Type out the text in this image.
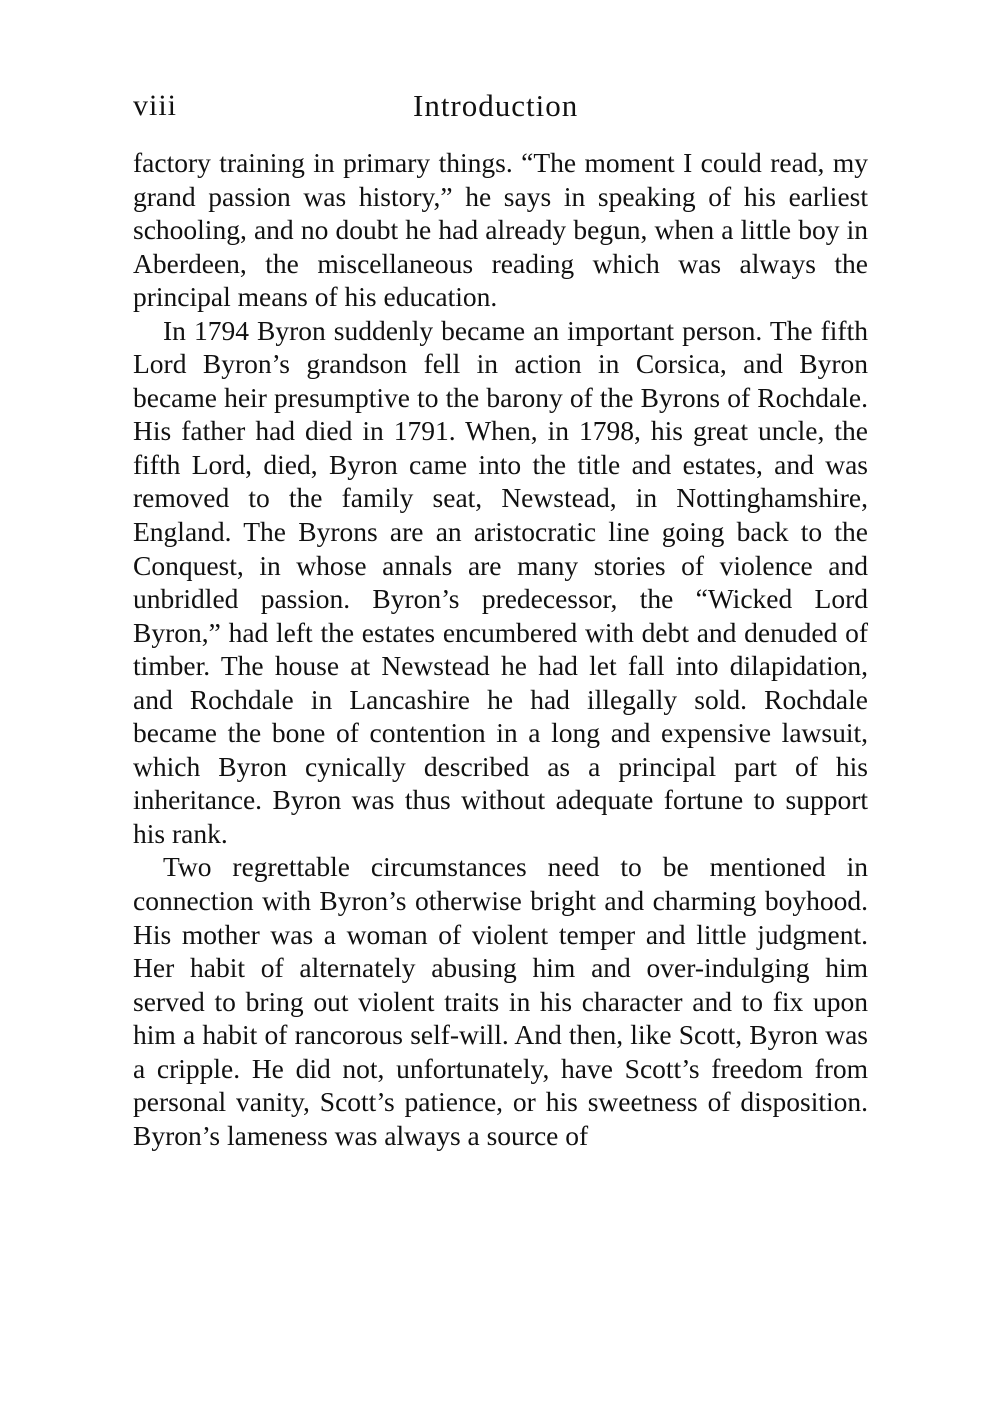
viii	Introduction

factory training in primary things. “The moment I could read, my grand passion was history,” he says in speaking of his earliest schooling, and no doubt he had already begun, when a little boy in Aberdeen, the miscellaneous reading which was always the principal means of his education.

In 1794 Byron suddenly became an important person. The fifth Lord Byron’s grandson fell in action in Corsica, and Byron became heir presumptive to the barony of the Byrons of Rochdale. His father had died in 1791. When, in 1798, his great uncle, the fifth Lord, died, Byron came into the title and estates, and was removed to the family seat, Newstead, in Nottinghamshire, England. The Byrons are an aristocratic line going back to the Conquest, in whose annals are many stories of violence and unbridled passion. Byron’s predecessor, the “Wicked Lord Byron,” had left the estates encumbered with debt and denuded of timber. The house at Newstead he had let fall into dilapidation, and Rochdale in Lancashire he had illegally sold. Rochdale became the bone of contention in a long and expensive lawsuit, which Byron cynically described as a principal part of his inheritance. Byron was thus without adequate fortune to support his rank.

Two regrettable circumstances need to be mentioned in connection with Byron’s otherwise bright and charming boyhood. His mother was a woman of violent temper and little judgment. Her habit of alternately abusing him and over-indulging him served to bring out violent traits in his character and to fix upon him a habit of rancorous self-will. And then, like Scott, Byron was a cripple. He did not, unfortunately, have Scott’s freedom from personal vanity, Scott’s patience, or his sweetness of disposition. Byron’s lameness was always a source of
